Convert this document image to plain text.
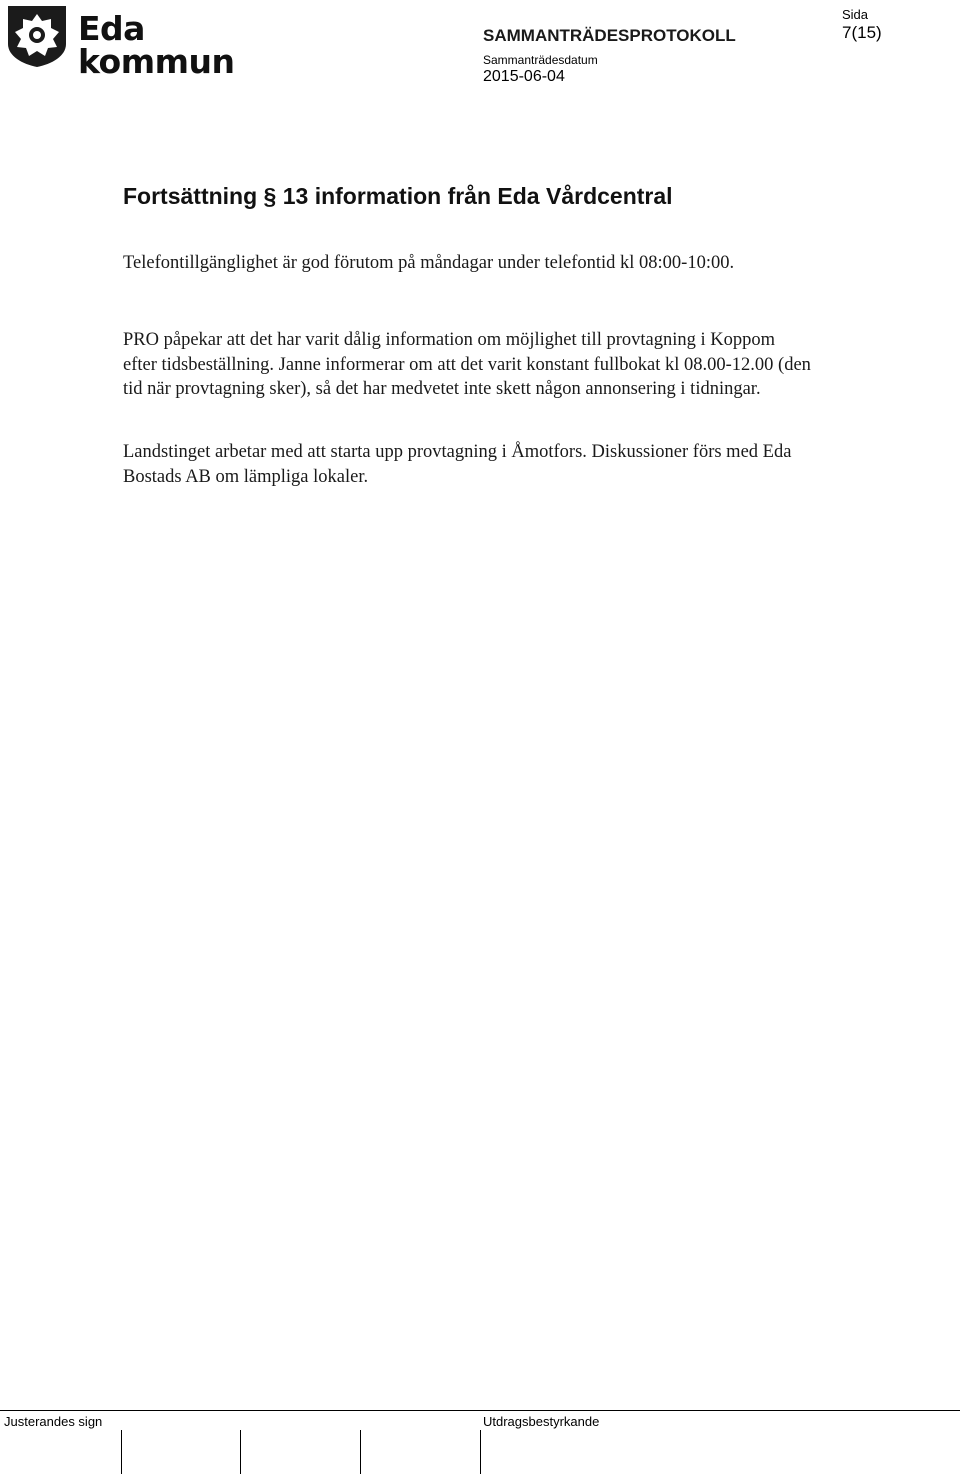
Eda kommun
SAMMANTRÄDESPROTOKOLL
Sammanträdesdatum
2015-06-04
Sida
7(15)
Fortsättning § 13 information från Eda Vårdcentral

Telefontillgänglighet är god förutom på måndagar under telefontid kl 08:00-10:00.

PRO påpekar att det har varit dålig information om möjlighet till provtagning i Koppom efter tidsbeställning. Janne informerar om att det varit konstant fullbokat kl 08.00-12.00 (den tid när provtagning sker), så det har medvetet inte skett någon annonsering i tidningar.

Landstinget arbetar med att starta upp provtagning i Åmotfors. Diskussioner förs med Eda Bostads AB om lämpliga lokaler.

Justerandes sign	Utdragsbestyrkande
